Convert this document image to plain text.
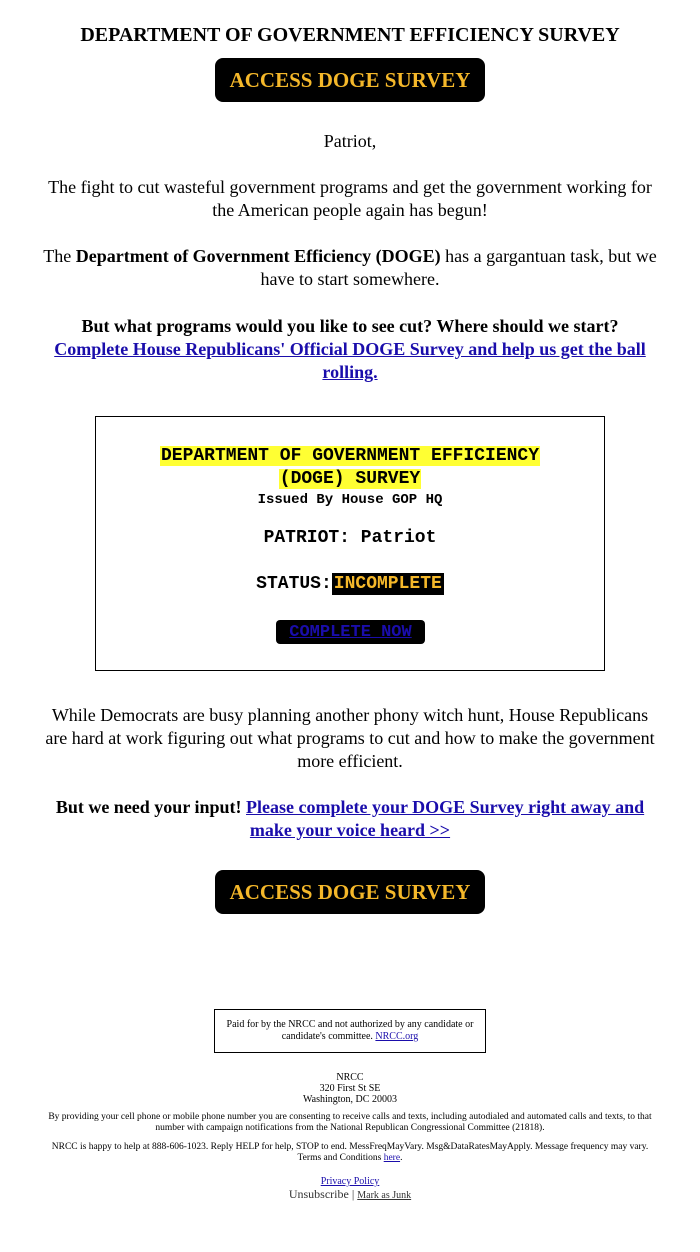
DEPARTMENT OF GOVERNMENT EFFICIENCY SURVEY
ACCESS DOGE SURVEY
Patriot,
The fight to cut wasteful government programs and get the government working for the American people again has begun!
The Department of Government Efficiency (DOGE) has a gargantuan task, but we have to start somewhere.
But what programs would you like to see cut? Where should we start?
Complete House Republicans' Official DOGE Survey and help us get the ball rolling.
DEPARTMENT OF GOVERNMENT EFFICIENCY
(DOGE) SURVEY
Issued By House GOP HQ
PATRIOT: Patriot
STATUS: INCOMPLETE
COMPLETE NOW
While Democrats are busy planning another phony witch hunt, House Republicans are hard at work figuring out what programs to cut and how to make the government more efficient.
But we need your input! Please complete your DOGE Survey right away and make your voice heard >>
ACCESS DOGE SURVEY
Paid for by the NRCC and not authorized by any candidate or candidate's committee. NRCC.org
NRCC
320 First St SE
Washington, DC 20003
By providing your cell phone or mobile phone number you are consenting to receive calls and texts, including autodialed and automated calls and texts, to that number with campaign notifications from the National Republican Congressional Committee (21818).
NRCC is happy to help at 888-606-1023. Reply HELP for help, STOP to end. MessFreqMayVary. Msg&DataRatesMayApply. Message frequency may vary. Terms and Conditions here.
Privacy Policy
Unsubscribe | Mark as Junk
